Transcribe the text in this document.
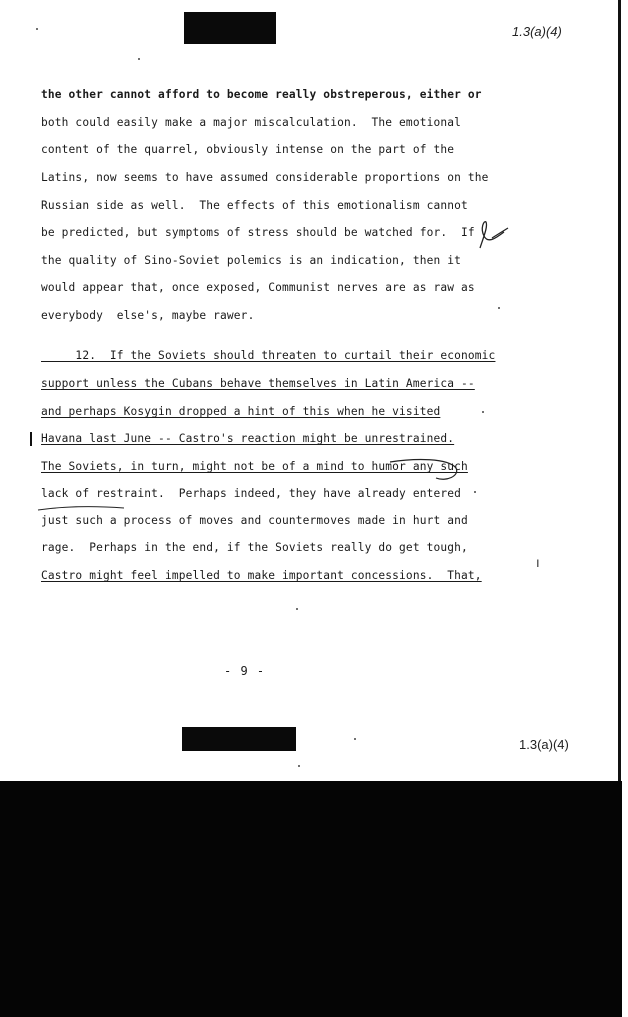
1.3(a)(4)
the other cannot afford to become really obstreperous, either or
both could easily make a major miscalculation.  The emotional
content of the quarrel, obviously intense on the part of the
Latins, now seems to have assumed considerable proportions on the
Russian side as well.  The effects of this emotionalism cannot
be predicted, but symptoms of stress should be watched for.  If
the quality of Sino-Soviet polemics is an indication, then it
would appear that, once exposed, Communist nerves are as raw as
everybody  else's, maybe rawer.
12.  If the Soviets should threaten to curtail their economic
support unless the Cubans behave themselves in Latin America --
and perhaps Kosygin dropped a hint of this when he visited
Havana last June -- Castro's reaction might be unrestrained.
The Soviets, in turn, might not be of a mind to humor any such
lack of restraint.  Perhaps indeed, they have already entered
just such a process of moves and countermoves made in hurt and
rage.  Perhaps in the end, if the Soviets really do get tough,
Castro might feel impelled to make important concessions.  That,
ı
- 9 -
1.3(a)(4)
